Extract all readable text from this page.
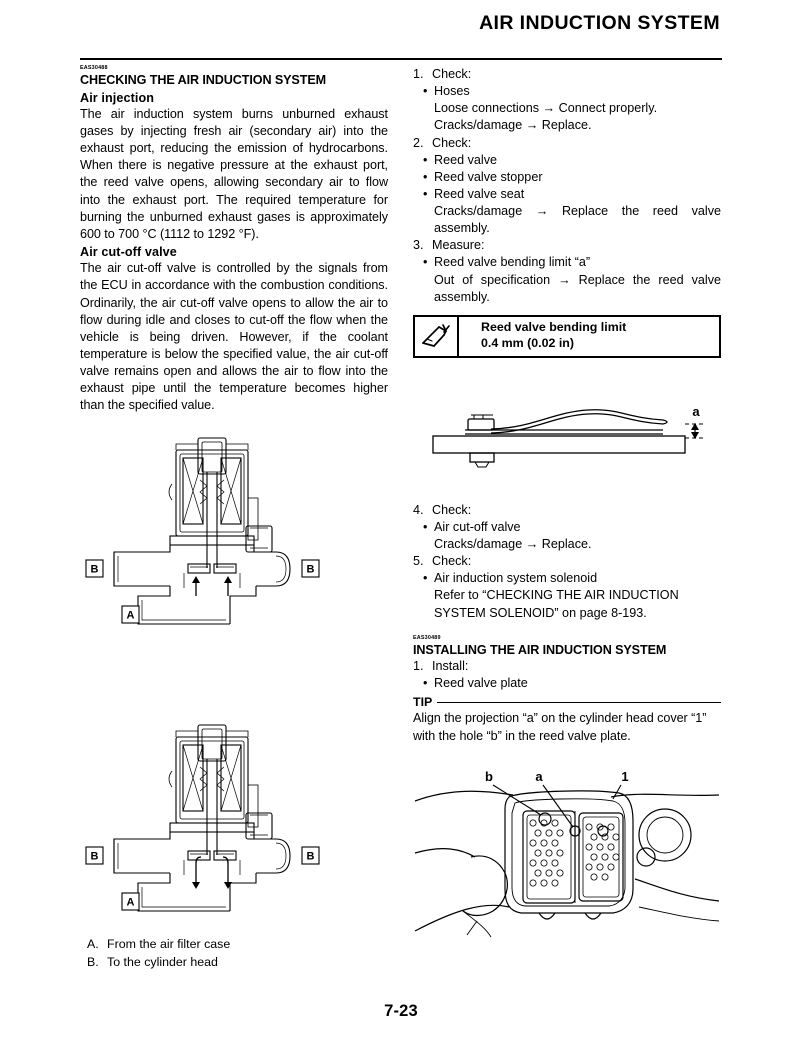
AIR INDUCTION SYSTEM
EAS30488
CHECKING THE AIR INDUCTION SYSTEM
Air injection

The air induction system burns unburned exhaust gases by injecting fresh air (secondary air) into the exhaust port, reducing the emission of hydrocarbons. When there is negative pressure at the exhaust port, the reed valve opens, allowing secondary air to flow into the exhaust port. The required temperature for burning the unburned exhaust gases is approximately 600 to 700 °C (1112 to 1292 °F).

Air cut-off valve

The air cut-off valve is controlled by the signals from the ECU in accordance with the combustion conditions. Ordinarily, the air cut-off valve opens to allow the air to flow during idle and closes to cut-off the flow when the vehicle is being driven. However, if the coolant temperature is below the specified value, the air cut-off valve remains open and allows the air to flow into the exhaust pipe until the temperature becomes higher than the specified value.

B	B
A
B	B
A
A. From the air filter case
B. To the cylinder head
1. Check:
• Hoses
Loose connections → Connect properly.
Cracks/damage → Replace.
2. Check:
• Reed valve
• Reed valve stopper
• Reed valve seat
Cracks/damage → Replace the reed valve assembly.
3. Measure:
• Reed valve bending limit “a”
Out of specification → Replace the reed valve assembly.
Reed valve bending limit
0.4 mm (0.02 in)
a
4. Check:
• Air cut-off valve
Cracks/damage → Replace.
5. Check:
• Air induction system solenoid
Refer to “CHECKING THE AIR INDUCTION SYSTEM SOLENOID” on page 8-193.
EAS30489
INSTALLING THE AIR INDUCTION SYSTEM
1. Install:
• Reed valve plate
TIP

Align the projection “a” on the cylinder head cover “1” with the hole “b” in the reed valve plate.

b	a	1
7-23
